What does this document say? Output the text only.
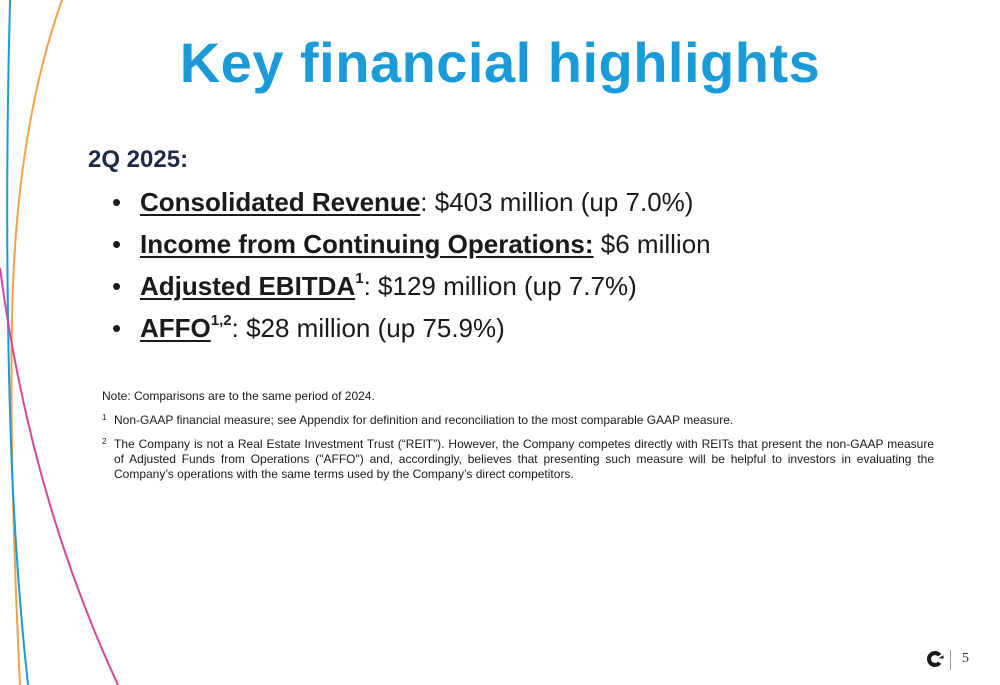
Key financial highlights
2Q 2025:
• Consolidated Revenue: $403 million (up 7.0%)
• Income from Continuing Operations: $6 million
• Adjusted EBITDA$^1$: $129 million (up 7.7%)
• AFFO$^{1,2}$: $28 million (up 75.9%)

Note: Comparisons are to the same period of 2024.

1 Non-GAAP financial measure; see Appendix for definition and reconciliation to the most comparable GAAP measure.

2 The Company is not a Real Estate Investment Trust (“REIT”). However, the Company competes directly with REITs that present the non-GAAP measure of Adjusted Funds from Operations ("AFFO") and, accordingly, believes that presenting such measure will be helpful to investors in evaluating the Company’s operations with the same terms used by the Company’s direct competitors.

5
